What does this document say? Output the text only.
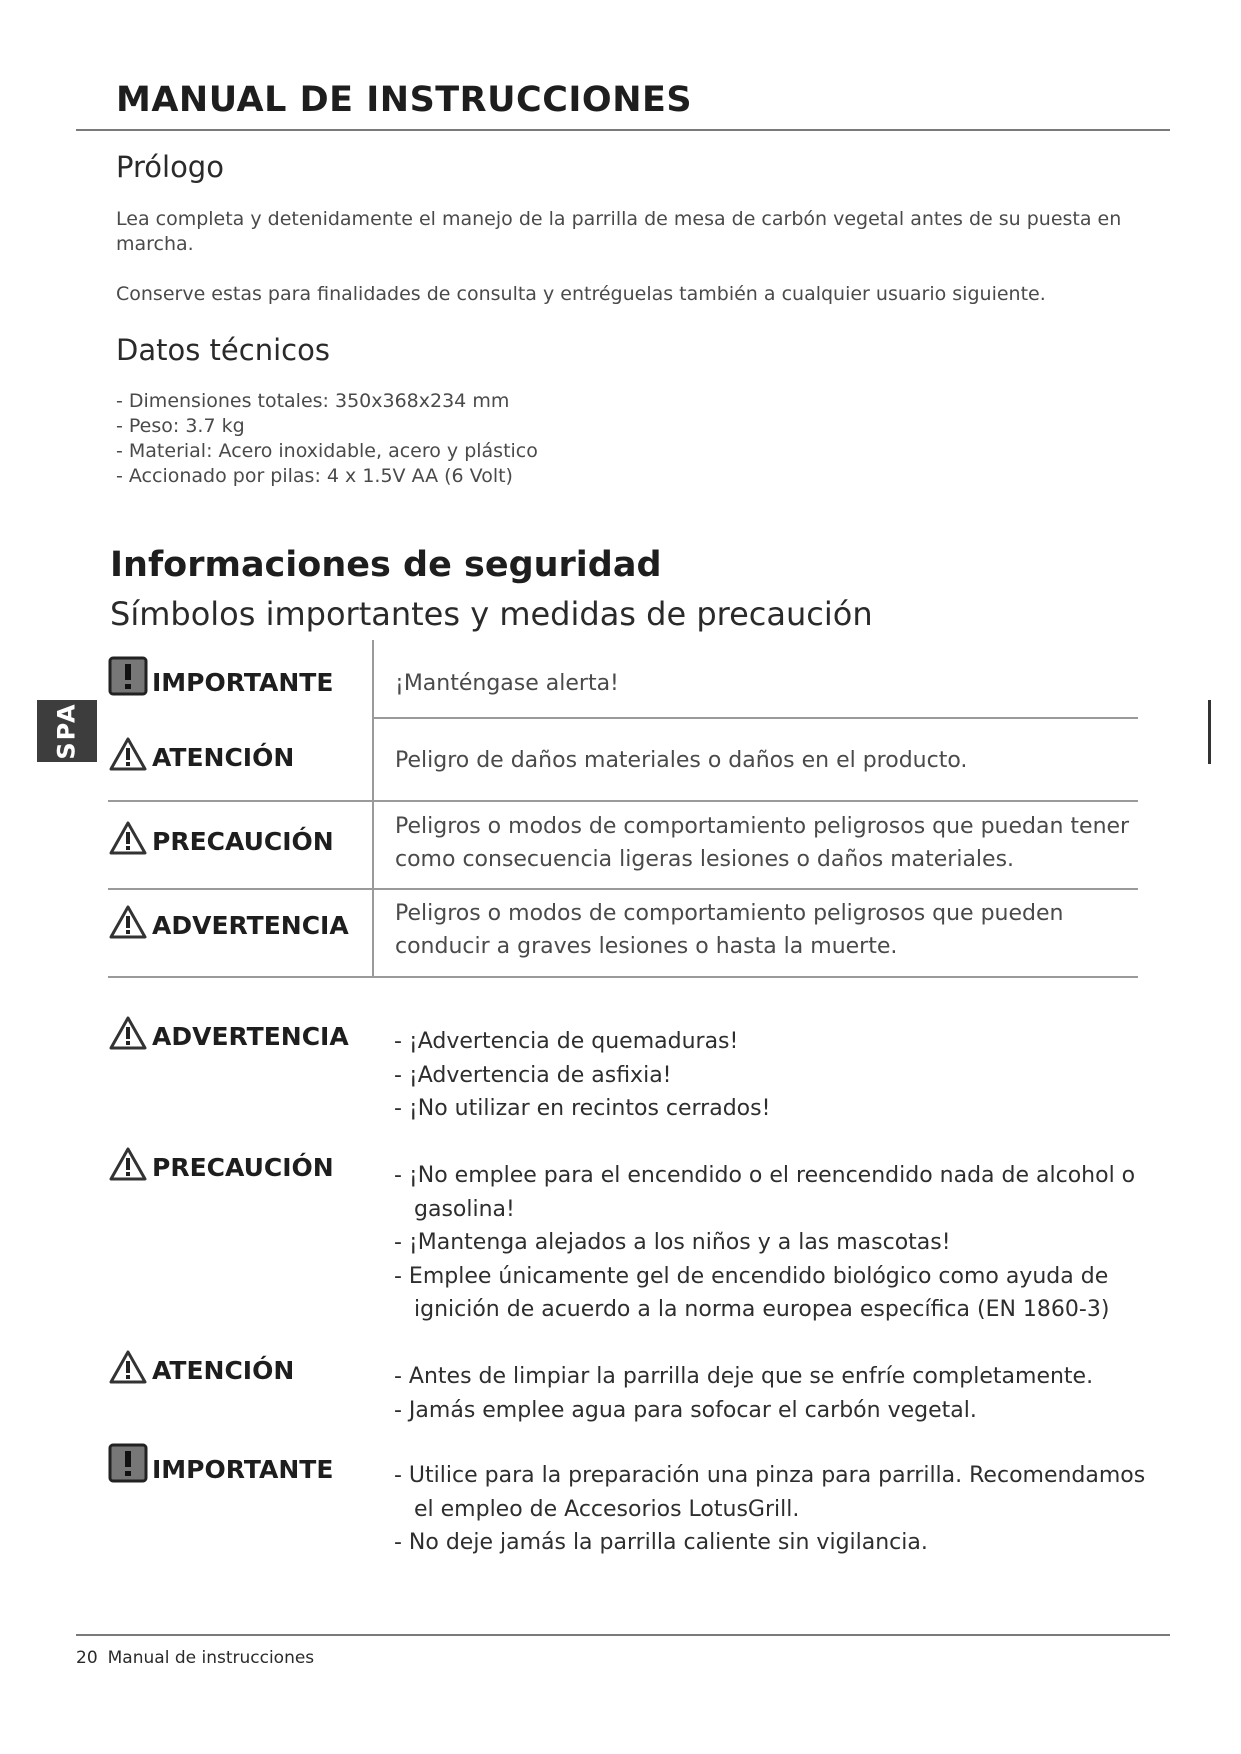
MANUAL DE INSTRUCCIONES
Prólogo

Lea completa y detenidamente el manejo de la parrilla de mesa de carbón vegetal antes de su puesta en marcha.

Conserve estas para finalidades de consulta y entréguelas también a cualquier usuario siguiente.

Datos técnicos
- Dimensiones totales: 350x368x234 mm
- Peso: 3.7 kg
- Material: Acero inoxidable, acero y plástico
- Accionado por pilas: 4 x 1.5V AA (6 Volt)
Informaciones de seguridad
Símbolos importantes y medidas de precaución
SPA
IMPORTANTE	¡Manténgase alerta!
ATENCIÓN	Peligro de daños materiales o daños en el producto.
PRECAUCIÓN	Peligros o modos de comportamiento peligrosos que puedan tener como consecuencia ligeras lesiones o daños materiales.
ADVERTENCIA Peligros o modos de comportamiento peligrosos que pueden conducir a graves lesiones o hasta la muerte.
ADVERTENCIA - ¡Advertencia de quemaduras!
- ¡Advertencia de asfixia!
- ¡No utilizar en recintos cerrados!
PRECAUCIÓN	- ¡No emplee para el encendido o el reencendido nada de alcohol o gasolina!
- ¡Mantenga alejados a los niños y a las mascotas!
- Emplee únicamente gel de encendido biológico como ayuda de ignición de acuerdo a la norma europea específica (EN 1860-3)
ATENCIÓN	- Antes de limpiar la parrilla deje que se enfríe completamente.
- Jamás emplee agua para sofocar el carbón vegetal.
IMPORTANTE	- Utilice para la preparación una pinza para parrilla. Recomendamos el empleo de Accesorios LotusGrill.
- No deje jamás la parrilla caliente sin vigilancia.
20 Manual de instrucciones
